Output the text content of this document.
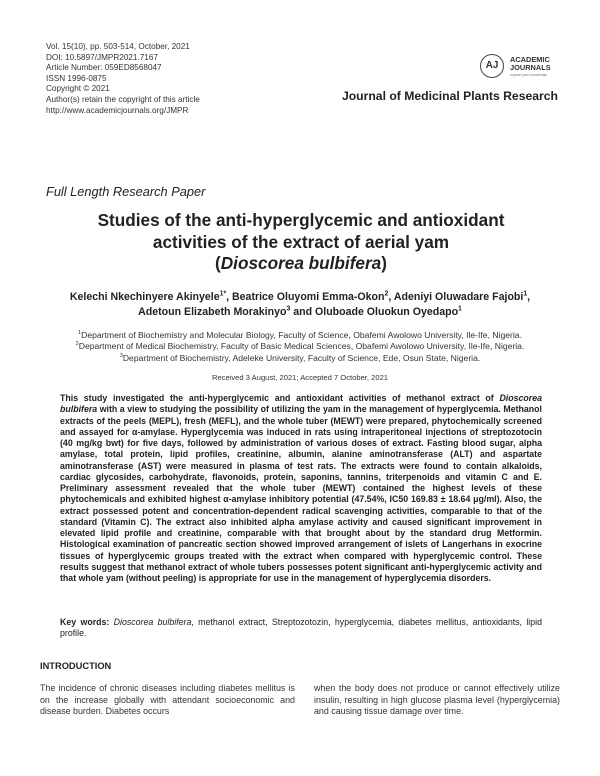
Vol. 15(10), pp. 503-514, October, 2021
DOI: 10.5897/JMPR2021.7167
Article Number: 059ED8568047
ISSN 1996-0875
Copyright © 2021
Author(s) retain the copyright of this article
http://www.academicjournals.org/JMPR
AJ
ACADEMIC
JOURNALS
expand your knowledge
Journal of Medicinal Plants Research
Full Length Research Paper
Studies of the anti-hyperglycemic and antioxidant
activities of the extract of aerial yam
(Dioscorea bulbifera)
Kelechi Nkechinyere Akinyele$^{1*}$, Beatrice Oluyomi Emma-Okon$^2$, Adeniyi Oluwadare Fajobi$^1$,
Adetoun Elizabeth Morakinyo$^3$ and Oluboade Oluokun Oyedapo$^1$
$^1$Department of Biochemistry and Molecular Biology, Faculty of Science, Obafemi Awolowo University, Ile-Ife, Nigeria.
$^2$Department of Medical Biochemistry, Faculty of Basic Medical Sciences, Obafemi Awolowo University, Ile-Ife, Nigeria.
$^3$Department of Biochemistry, Adeleke University, Faculty of Science, Ede, Osun State, Nigeria.
Received 3 August, 2021; Accepted 7 October, 2021
This study investigated the anti-hyperglycemic and antioxidant activities of methanol extract of Dioscorea bulbifera with a view to studying the possibility of utilizing the yam in the management of hyperglycemia. Methanol extracts of the peels (MEPL), fresh (MEFL), and the whole tuber (MEWT) were prepared, phytochemically screened and assayed for α-amylase. Hyperglycemia was induced in rats using intraperitoneal injections of streptozotocin (40 mg/kg bwt) for five days, followed by administration of various doses of extract. Fasting blood sugar, alpha amylase, total protein, lipid profiles, creatinine, albumin, alanine aminotransferase (ALT) and aspartate aminotransferase (AST) were measured in plasma of test rats. The extracts were found to contain alkaloids, cardiac glycosides, carbohydrate, flavonoids, protein, saponins, tannins, triterpenoids and vitamin C and E. Preliminary assessment revealed that the whole tuber (MEWT) contained the highest levels of these phytochemicals and exhibited highest α-amylase inhibitory potential (47.54%, IC50 169.83 ± 18.64 μg/ml). Also, the extract possessed potent and concentration-dependent radical scavenging activities, comparable to that of the standard (Vitamin C). The extract also inhibited alpha amylase activity and caused significant improvement in elevated lipid profile and creatinine, comparable with that brought about by the standard drug Metformin. Histological examination of pancreatic section showed improved arrangement of islets of Langerhans in exocrine tissues of hyperglycemic groups treated with the extract when compared with hyperglycemic control. These results suggest that methanol extract of whole tubers possesses potent significant anti-hyperglycemic activity and that whole yam (without peeling) is appropriate for use in the management of hyperglycemia disorders.
Key words: Dioscorea bulbifera, methanol extract, Streptozotozin, hyperglycemia, diabetes mellitus, antioxidants, lipid profile.
INTRODUCTION
The incidence of chronic diseases including diabetes mellitus is on the increase globally with attendant socioeconomic and disease burden. Diabetes occurs
when the body does not produce or cannot effectively utilize insulin, resulting in high glucose plasma level (hyperglycemia) and causing tissue damage over time.
